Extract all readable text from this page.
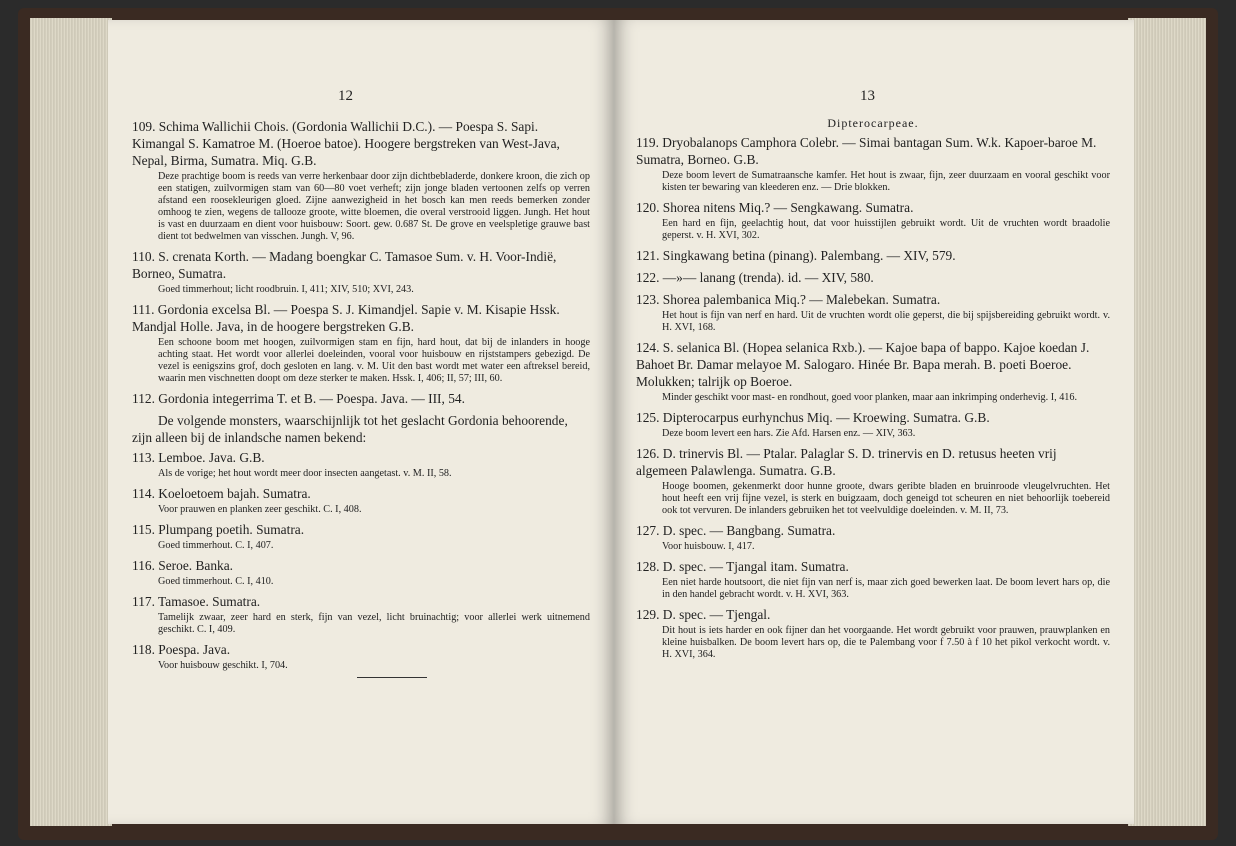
12
109. Schima Wallichii Chois. (Gordonia Wallichii D.C.). — Poespa S. Sapi. Kimangal S. Kamatroe M. (Hoeroe batoe). Hoogere bergstreken van West-Java, Nepal, Birma, Sumatra. Miq. G.B.
Deze prachtige boom is reeds van verre herkenbaar door zijn dichtbebladerde, donkere kroon, die zich op een statigen, zuilvormigen stam van 60—80 voet verheft; zijn jonge bladen vertoonen zelfs op verren afstand een roosekleurigen gloed. Zijne aanwezigheid in het bosch kan men reeds bemerken zonder omhoog te zien, wegens de tallooze groote, witte bloemen, die overal verstrooid liggen. Jungh. Het hout is vast en duurzaam en dient voor huisbouw: Soort. gew. 0.687 St. De grove en veelspletige grauwe bast dient tot bedwelmen van visschen. Jungh. V, 96.
110. S. crenata Korth. — Madang boengkar C. Tamasoe Sum. v. H. Voor-Indië, Borneo, Sumatra.
Goed timmerhout; licht roodbruin. I, 411; XIV, 510; XVI, 243.
111. Gordonia excelsa Bl. — Poespa S. J. Kimandjel. Sapie v. M. Kisapie Hssk. Mandjal Holle. Java, in de hoogere bergstreken G.B.
Een schoone boom met hoogen, zuilvormigen stam en fijn, hard hout, dat bij de inlanders in hooge achting staat. Het wordt voor allerlei doeleinden, vooral voor huisbouw en rijststampers gebezigd. De vezel is eenigszins grof, doch gesloten en lang. v. M. Uit den bast wordt met water een aftreksel bereid, waarin men vischnetten doopt om deze sterker te maken. Hssk. I, 406; II, 57; III, 60.
112. Gordonia integerrima T. et B. — Poespa. Java. — III, 54.
De volgende monsters, waarschijnlijk tot het geslacht Gordonia behoorende, zijn alleen bij de inlandsche namen bekend:
113. Lemboe. Java. G.B.
Als de vorige; het hout wordt meer door insecten aangetast. v. M. II, 58.
114. Koeloetoem bajah. Sumatra.
Voor prauwen en planken zeer geschikt. C. I, 408.
115. Plumpang poetih. Sumatra.
Goed timmerhout. C. I, 407.
116. Seroe. Banka.
Goed timmerhout. C. I, 410.
117. Tamasoe. Sumatra.
Tamelijk zwaar, zeer hard en sterk, fijn van vezel, licht bruinachtig; voor allerlei werk uitnemend geschikt. C. I, 409.
118. Poespa. Java.
Voor huisbouw geschikt. I, 704.
13
Dipterocarpeae.
119. Dryobalanops Camphora Colebr. — Simai bantagan Sum. W.k. Kapoer-baroe M. Sumatra, Borneo. G.B.
Deze boom levert de Sumatraansche kamfer. Het hout is zwaar, fijn, zeer duurzaam en vooral geschikt voor kisten ter bewaring van kleederen enz. — Drie blokken.
120. Shorea nitens Miq.? — Sengkawang. Sumatra.
Een hard en fijn, geelachtig hout, dat voor huisstijlen gebruikt wordt. Uit de vruchten wordt braadolie geperst. v. H. XVI, 302.
121. Singkawang betina (pinang). Palembang. — XIV, 579.
122. —»— lanang (trenda). id. — XIV, 580.
123. Shorea palembanica Miq.? — Malebekan. Sumatra.
Het hout is fijn van nerf en hard. Uit de vruchten wordt olie geperst, die bij spijsbereiding gebruikt wordt. v. H. XVI, 168.
124. S. selanica Bl. (Hopea selanica Rxb.). — Kajoe bapa of bappo. Kajoe koedan J. Bahoet Br. Damar melayoe M. Salogaro. Hinée Br. Bapa merah. B. poeti Boeroe. Molukken; talrijk op Boeroe.
Minder geschikt voor mast- en rondhout, goed voor planken, maar aan inkrimping onderhevig. I, 416.
125. Dipterocarpus eurhynchus Miq. — Kroewing. Sumatra. G.B.
Deze boom levert een hars. Zie Afd. Harsen enz. — XIV, 363.
126. D. trinervis Bl. — Ptalar. Palaglar S. D. trinervis en D. retusus heeten vrij algemeen Palawlenga. Sumatra. G.B.
Hooge boomen, gekenmerkt door hunne groote, dwars geribte bladen en bruinroode vleugelvruchten. Het hout heeft een vrij fijne vezel, is sterk en buigzaam, doch geneigd tot scheuren en niet behoorlijk toebereid ook tot vervuren. De inlanders gebruiken het tot veelvuldige doeleinden. v. M. II, 73.
127. D. spec. — Bangbang. Sumatra.
Voor huisbouw. I, 417.
128. D. spec. — Tjangal itam. Sumatra.
Een niet harde houtsoort, die niet fijn van nerf is, maar zich goed bewerken laat. De boom levert hars op, die in den handel gebracht wordt. v. H. XVI, 363.
129. D. spec. — Tjengal.
Dit hout is iets harder en ook fijner dan het voorgaande. Het wordt gebruikt voor prauwen, prauwplanken en kleine huisbalken. De boom levert hars op, die te Palembang voor f 7.50 à f 10 het pikol verkocht wordt. v. H. XVI, 364.
